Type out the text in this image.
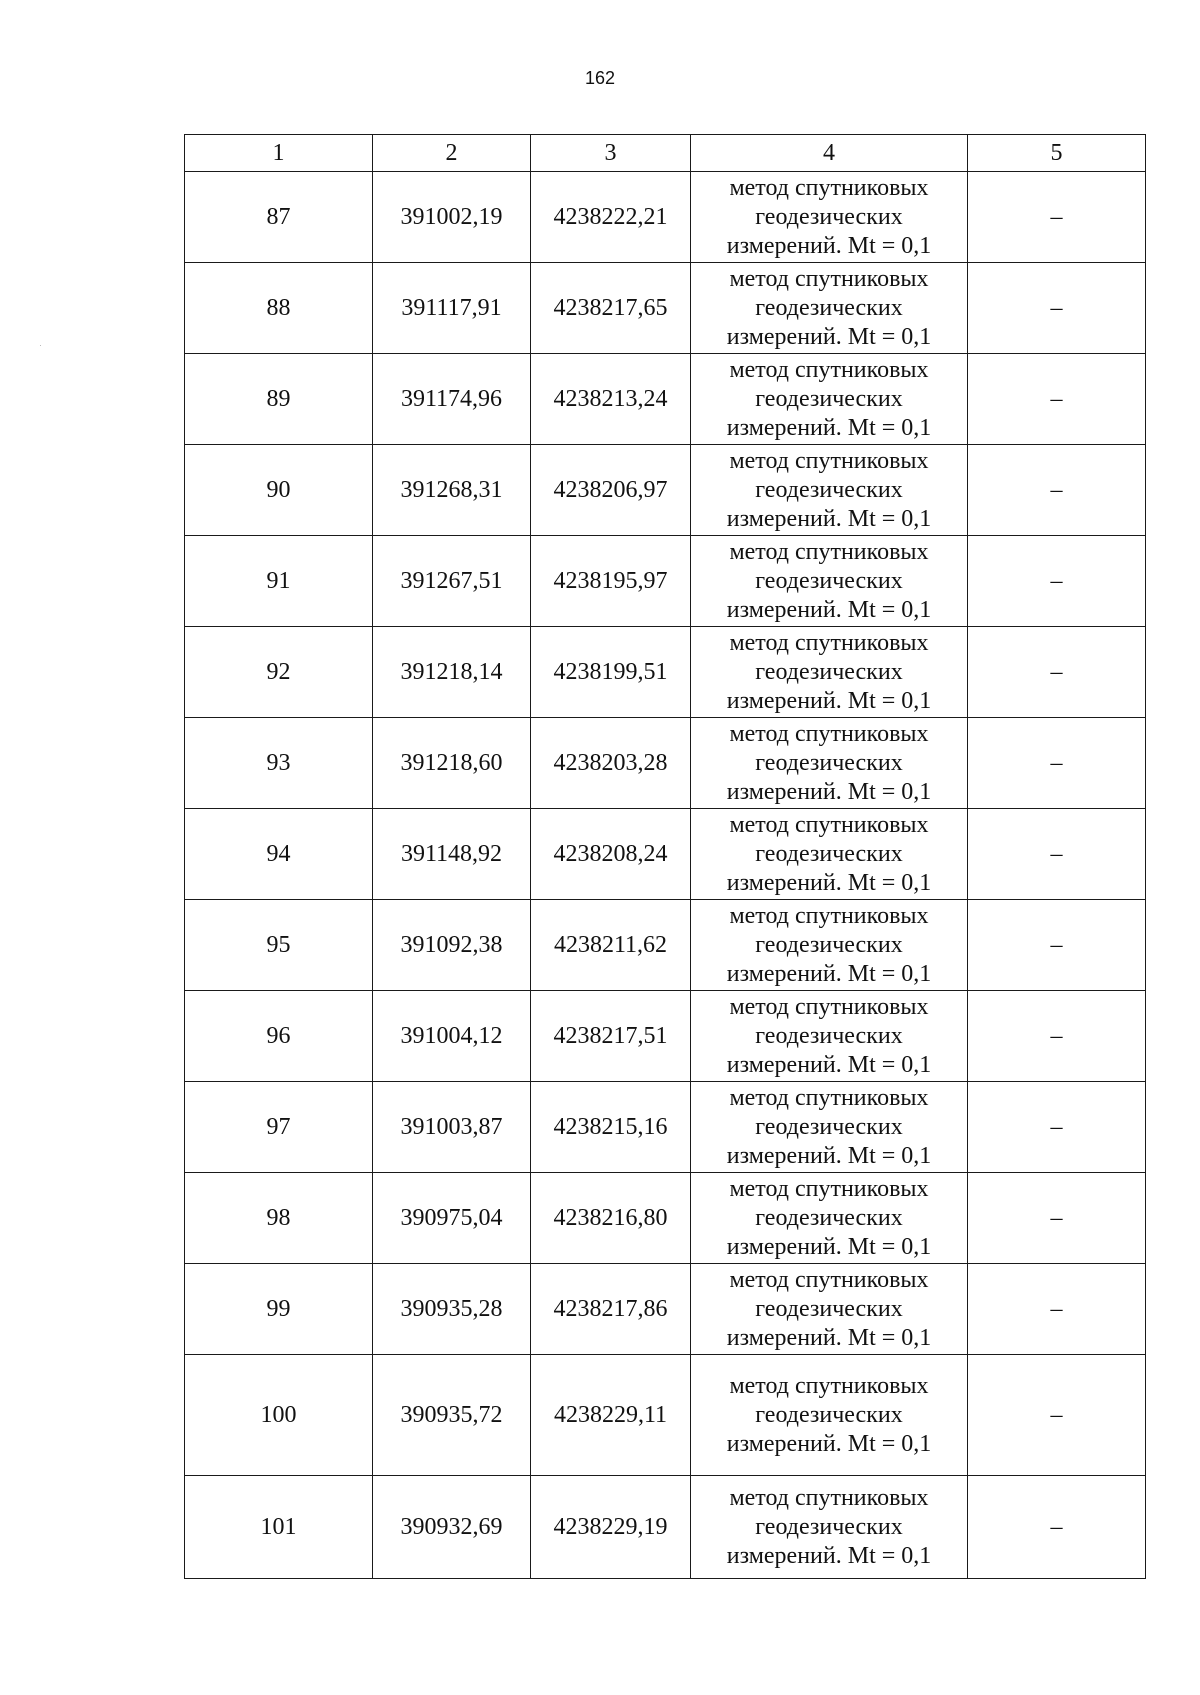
162
1	2	3	4	5
87	391002,19	4238222,21	метод спутниковых
геодезических
измерений. Mt = 0,1	–
88	391117,91	4238217,65	метод спутниковых
геодезических
измерений. Mt = 0,1	–
89	391174,96	4238213,24	метод спутниковых
геодезических
измерений. Mt = 0,1	–
90	391268,31	4238206,97	метод спутниковых
геодезических
измерений. Mt = 0,1	–
91	391267,51	4238195,97	метод спутниковых
геодезических
измерений. Mt = 0,1	–
92	391218,14	4238199,51	метод спутниковых
геодезических
измерений. Mt = 0,1	–
93	391218,60	4238203,28	метод спутниковых
геодезических
измерений. Mt = 0,1	–
94	391148,92	4238208,24	метод спутниковых
геодезических
измерений. Mt = 0,1	–
95	391092,38	4238211,62	метод спутниковых
геодезических
измерений. Mt = 0,1	–
96	391004,12	4238217,51	метод спутниковых
геодезических
измерений. Mt = 0,1	–
97	391003,87	4238215,16	метод спутниковых
геодезических
измерений. Mt = 0,1	–
98	390975,04	4238216,80	метод спутниковых
геодезических
измерений. Mt = 0,1	–
99	390935,28	4238217,86	метод спутниковых
геодезических
измерений. Mt = 0,1	–
100	390935,72	4238229,11	метод спутниковых
геодезических
измерений. Mt = 0,1	–
101	390932,69	4238229,19	метод спутниковых
геодезических
измерений. Mt = 0,1	–
